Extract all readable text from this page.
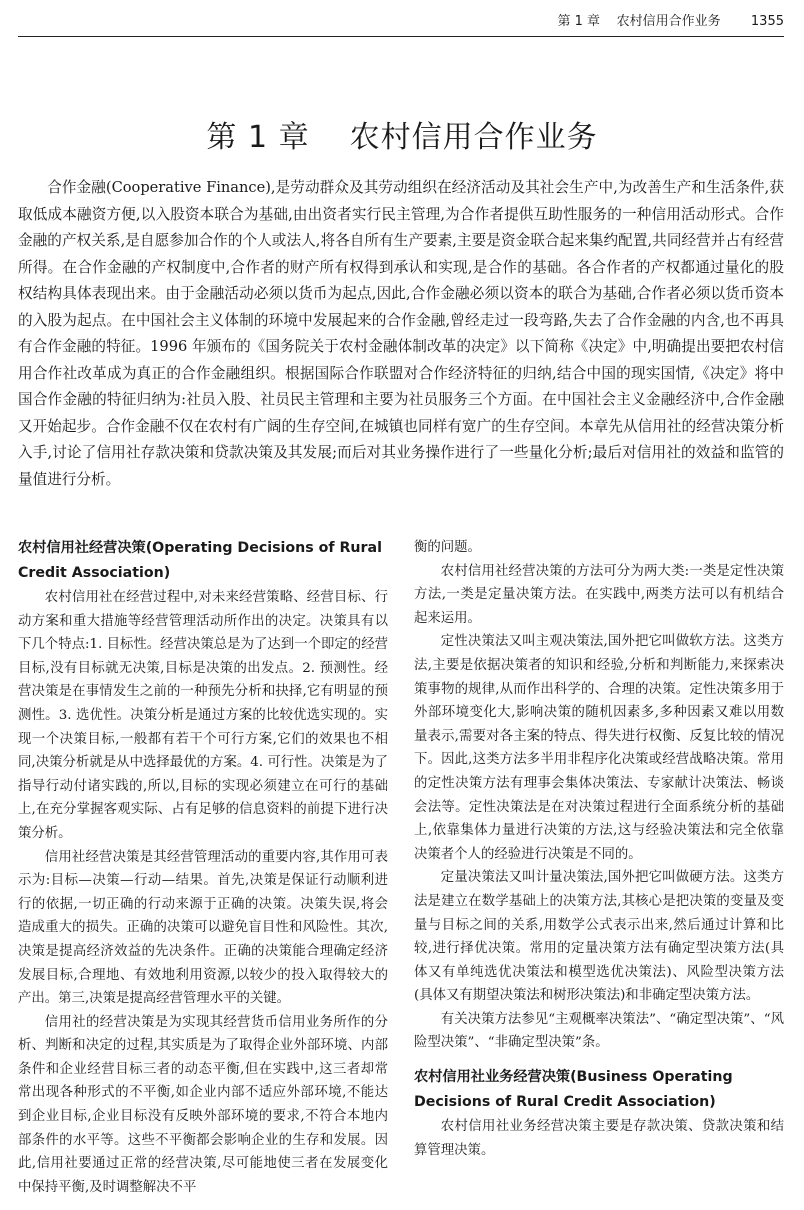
第 1 章 农村信用合作业务 1355
第 1 章 农村信用合作业务

合作金融(Cooperative Finance),是劳动群众及其劳动组织在经济活动及其社会生产中,为改善生产和生活条件,获取低成本融资方便,以入股资本联合为基础,由出资者实行民主管理,为合作者提供互助性服务的一种信用活动形式。合作金融的产权关系,是自愿参加合作的个人或法人,将各自所有生产要素,主要是资金联合起来集约配置,共同经营并占有经营所得。在合作金融的产权制度中,合作者的财产所有权得到承认和实现,是合作的基础。各合作者的产权都通过量化的股权结构具体表现出来。由于金融活动必须以货币为起点,因此,合作金融必须以资本的联合为基础,合作者必须以货币资本的入股为起点。在中国社会主义体制的环境中发展起来的合作金融,曾经走过一段弯路,失去了合作金融的内含,也不再具有合作金融的特征。1996 年颁布的《国务院关于农村金融体制改革的决定》以下简称《决定》中,明确提出要把农村信用合作社改革成为真正的合作金融组织。根据国际合作联盟对合作经济特征的归纳,结合中国的现实国情,《决定》将中国合作金融的特征归纳为:社员入股、社员民主管理和主要为社员服务三个方面。在中国社会主义金融经济中,合作金融又开始起步。合作金融不仅在农村有广阔的生存空间,在城镇也同样有宽广的生存空间。本章先从信用社的经营决策分析入手,讨论了信用社存款决策和贷款决策及其发展;而后对其业务操作进行了一些量化分析;最后对信用社的效益和监管的量值进行分析。

农村信用社经营决策(Operating Decisions of Rural Credit Association)

农村信用社在经营过程中,对未来经营策略、经营目标、行动方案和重大措施等经营管理活动所作出的决定。决策具有以下几个特点:1. 目标性。经营决策总是为了达到一个即定的经营目标,没有目标就无决策,目标是决策的出发点。2. 预测性。经营决策是在事情发生之前的一种预先分析和抉择,它有明显的预测性。3. 选优性。决策分析是通过方案的比较优选实现的。实现一个决策目标,一般都有若干个可行方案,它们的效果也不相同,决策分析就是从中选择最优的方案。4. 可行性。决策是为了指导行动付诸实践的,所以,目标的实现必须建立在可行的基础上,在充分掌握客观实际、占有足够的信息资料的前提下进行决策分析。

信用社经营决策是其经营管理活动的重要内容,其作用可表示为:目标—决策—行动—结果。首先,决策是保证行动顺利进行的依据,一切正确的行动来源于正确的决策。决策失误,将会造成重大的损失。正确的决策可以避免盲目性和风险性。其次,决策是提高经济效益的先决条件。正确的决策能合理确定经济发展目标,合理地、有效地利用资源,以较少的投入取得较大的产出。第三,决策是提高经营管理水平的关键。

信用社的经营决策是为实现其经营货币信用业务所作的分析、判断和决定的过程,其实质是为了取得企业外部环境、内部条件和企业经营目标三者的动态平衡,但在实践中,这三者却常常出现各种形式的不平衡,如企业内部不适应外部环境,不能达到企业目标,企业目标没有反映外部环境的要求,不符合本地内部条件的水平等。这些不平衡都会影响企业的生存和发展。因此,信用社要通过正常的经营决策,尽可能地使三者在发展变化中保持平衡,及时调整解决不平

衡的问题。

农村信用社经营决策的方法可分为两大类:一类是定性决策方法,一类是定量决策方法。在实践中,两类方法可以有机结合起来运用。

定性决策法又叫主观决策法,国外把它叫做软方法。这类方法,主要是依据决策者的知识和经验,分析和判断能力,来探索决策事物的规律,从而作出科学的、合理的决策。定性决策多用于外部环境变化大,影响决策的随机因素多,多种因素又难以用数量表示,需要对各主案的特点、得失进行权衡、反复比较的情况下。因此,这类方法多半用非程序化决策或经营战略决策。常用的定性决策方法有理事会集体决策法、专家献计决策法、畅谈会法等。定性决策法是在对决策过程进行全面系统分析的基础上,依靠集体力量进行决策的方法,这与经验决策法和完全依靠决策者个人的经验进行决策是不同的。

定量决策法又叫计量决策法,国外把它叫做硬方法。这类方法是建立在数学基础上的决策方法,其核心是把决策的变量及变量与目标之间的关系,用数学公式表示出来,然后通过计算和比较,进行择优决策。常用的定量决策方法有确定型决策方法(具体又有单纯选优决策法和模型选优决策法)、风险型决策方法(具体又有期望决策法和树形决策法)和非确定型决策方法。

有关决策方法参见“主观概率决策法”、“确定型决策”、“风险型决策”、“非确定型决策”条。

农村信用社业务经营决策(Business Operating Decisions of Rural Credit Association)

农村信用社业务经营决策主要是存款决策、贷款决策和结算管理决策。
